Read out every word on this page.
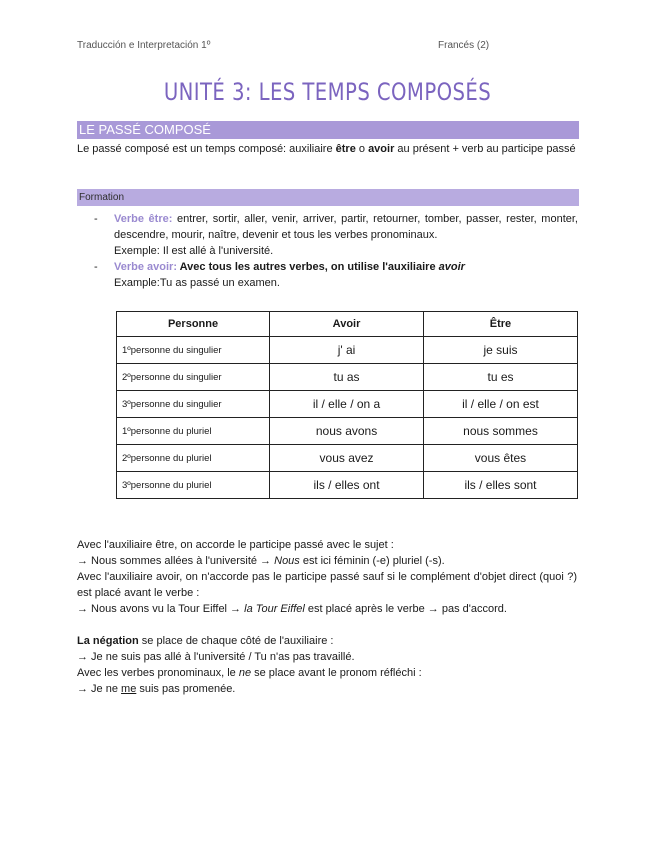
Traducción e Interpretación 1º	Francés (2)
UNITÉ 3: LES TEMPS COMPOSÉS
LE PASSÉ COMPOSÉ
Le passé composé est un temps composé: auxiliaire être o avoir au présent + verb au participe passé
Formation
- Verbe être: entrer, sortir, aller, venir, arriver, partir, retourner, tomber, passer, rester, monter, descendre, mourir, naître, devenir et tous les verbes pronominaux.
Exemple: Il est allé à l'université.
- Verbe avoir: Avec tous les autres verbes, on utilise l'auxiliaire avoir
Example:Tu as passé un examen.
Personne	Avoir	Être
1ºpersonne du singulier	j' ai	je suis
2ºpersonne du singulier	tu as	tu es
3ºpersonne du singulier	il / elle / on a	il / elle / on est
1ºpersonne du pluriel	nous avons	nous sommes
2ºpersonne du pluriel	vous avez	vous êtes
3ºpersonne du pluriel	ils / elles ont	ils / elles sont
Avec l'auxiliaire être, on accorde le participe passé avec le sujet :
→ Nous sommes allées à l'université → Nous est ici féminin (-e) pluriel (-s).
Avec l'auxiliaire avoir, on n'accorde pas le participe passé sauf si le complément d'objet direct (quoi ?) est placé avant le verbe :
→ Nous avons vu la Tour Eiffel → la Tour Eiffel est placé après le verbe → pas d'accord.
La négation se place de chaque côté de l'auxiliaire :
→ Je ne suis pas allé à l'université / Tu n'as pas travaillé.
Avec les verbes pronominaux, le ne se place avant le pronom réfléchi :
→ Je ne me suis pas promenée.
